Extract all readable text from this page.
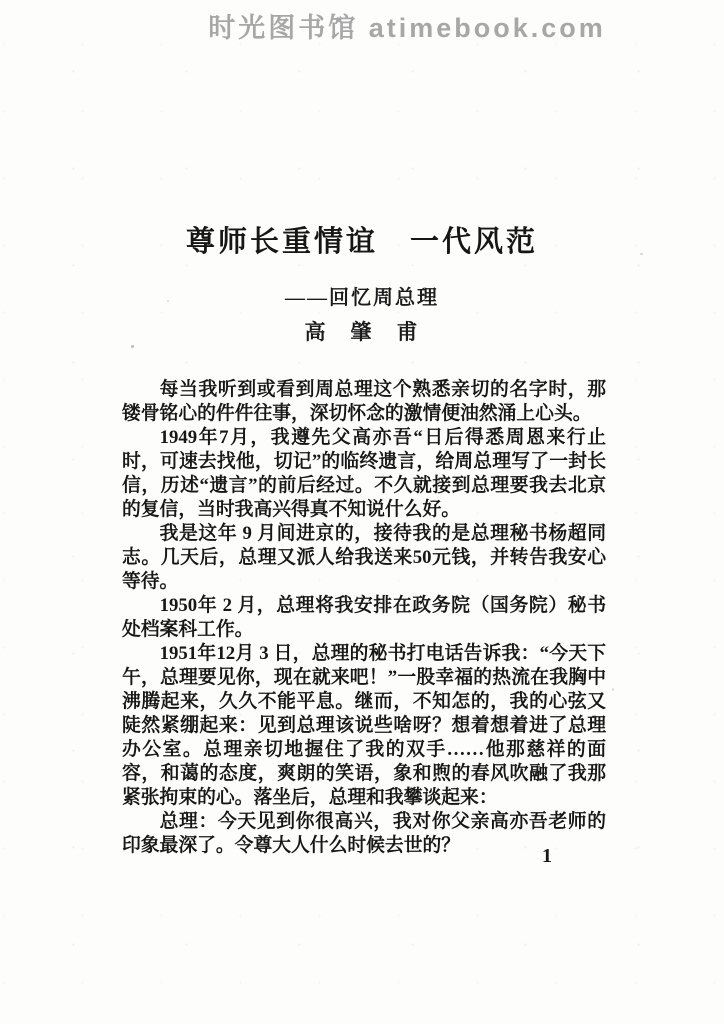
时光图书馆 atimebook.com
尊师长重情谊　一代风范
——回忆周总理
高　肇　甫

每当我听到或看到周总理这个熟悉亲切的名字时，那镂骨铭心的件件往事，深切怀念的激情便油然涌上心头。

1949年7月，我遵先父高亦吾“日后得悉周恩来行止时，可速去找他，切记”的临终遗言，给周总理写了一封长信，历述“遗言”的前后经过。不久就接到总理要我去北京的复信，当时我高兴得真不知说什么好。

我是这年 9 月间进京的，接待我的是总理秘书杨超同志。几天后，总理又派人给我送来50元钱，并转告我安心等待。

1950年 2 月，总理将我安排在政务院（国务院）秘书处档案科工作。

1951年12月 3 日，总理的秘书打电话告诉我：“今天下午，总理要见你，现在就来吧！”一股幸福的热流在我胸中沸腾起来，久久不能平息。继而，不知怎的，我的心弦又陡然紧绷起来：见到总理该说些啥呀？想着想着进了总理办公室。总理亲切地握住了我的双手……他那慈祥的面容，和蔼的态度，爽朗的笑语，象和煦的春风吹融了我那紧张拘束的心。落坐后，总理和我攀谈起来：

总理：今天见到你很高兴，我对你父亲高亦吾老师的印象最深了。令尊大人什么时候去世的？	1
